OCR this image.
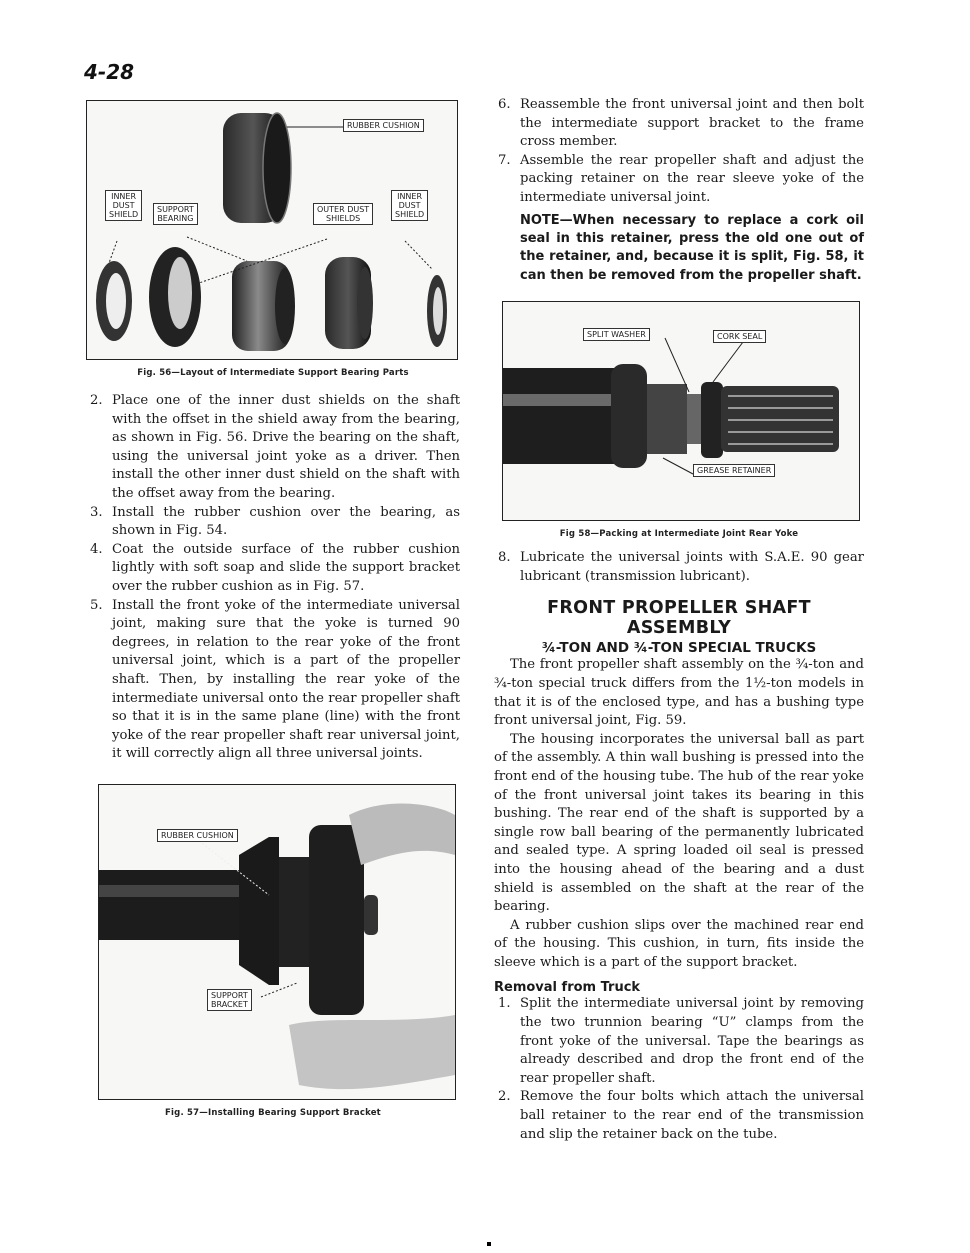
4-28
RUBBER CUSHION
INNER
DUST
SHIELD
SUPPORT
BEARING
OUTER DUST
SHIELDS
INNER
DUST
SHIELD
Fig. 56—Layout of Intermediate Support Bearing Parts
2. Place one of the inner dust shields on the shaft with the offset in the shield away from the bearing, as shown in Fig. 56. Drive the bearing on the shaft, using the universal joint yoke as a driver. Then install the other inner dust shield on the shaft with the offset away from the bearing.
3. Install the rubber cushion over the bearing, as shown in Fig. 54.
4. Coat the outside surface of the rubber cushion lightly with soft soap and slide the support bracket over the rubber cushion as in Fig. 57.
5. Install the front yoke of the intermediate universal joint, making sure that the yoke is turned 90 degrees, in relation to the rear yoke of the front universal joint, which is a part of the propeller shaft. Then, by installing the rear yoke of the intermediate universal onto the rear propeller shaft so that it is in the same plane (line) with the front yoke of the rear propeller shaft rear universal joint, it will correctly align all three universal joints.
RUBBER CUSHION
SUPPORT
BRACKET
Fig. 57—Installing Bearing Support Bracket
6. Reassemble the front universal joint and then bolt the intermediate support bracket to the frame cross member.
7. Assemble the rear propeller shaft and adjust the packing retainer on the rear sleeve yoke of the intermediate universal joint.
NOTE—When necessary to replace a cork oil seal in this retainer, press the old one out of the retainer, and, because it is split, Fig. 58, it can then be removed from the propeller shaft.
SPLIT WASHER	CORK SEAL
GREASE RETAINER
Fig 58—Packing at Intermediate Joint Rear Yoke
8. Lubricate the universal joints with S.A.E. 90 gear lubricant (transmission lubricant).
FRONT PROPELLER SHAFT ASSEMBLY
¾-TON AND ¾-TON SPECIAL TRUCKS
The front propeller shaft assembly on the ¾-ton and ¾-ton special truck differs from the 1½-ton models in that it is of the enclosed type, and has a bushing type front universal joint, Fig. 59.
The housing incorporates the universal ball as part of the assembly. A thin wall bushing is pressed into the front end of the housing tube. The hub of the rear yoke of the front universal joint takes its bearing in this bushing. The rear end of the shaft is supported by a single row ball bearing of the permanently lubricated and sealed type. A spring loaded oil seal is pressed into the housing ahead of the bearing and a dust shield is assembled on the shaft at the rear of the bearing.
A rubber cushion slips over the machined rear end of the housing. This cushion, in turn, fits inside the sleeve which is a part of the support bracket.
Removal from Truck
1. Split the intermediate universal joint by removing the two trunnion bearing “U” clamps from the front yoke of the universal. Tape the bearings as already described and drop the front end of the rear propeller shaft.
2. Remove the four bolts which attach the universal ball retainer to the rear end of the transmission and slip the retainer back on the tube.
